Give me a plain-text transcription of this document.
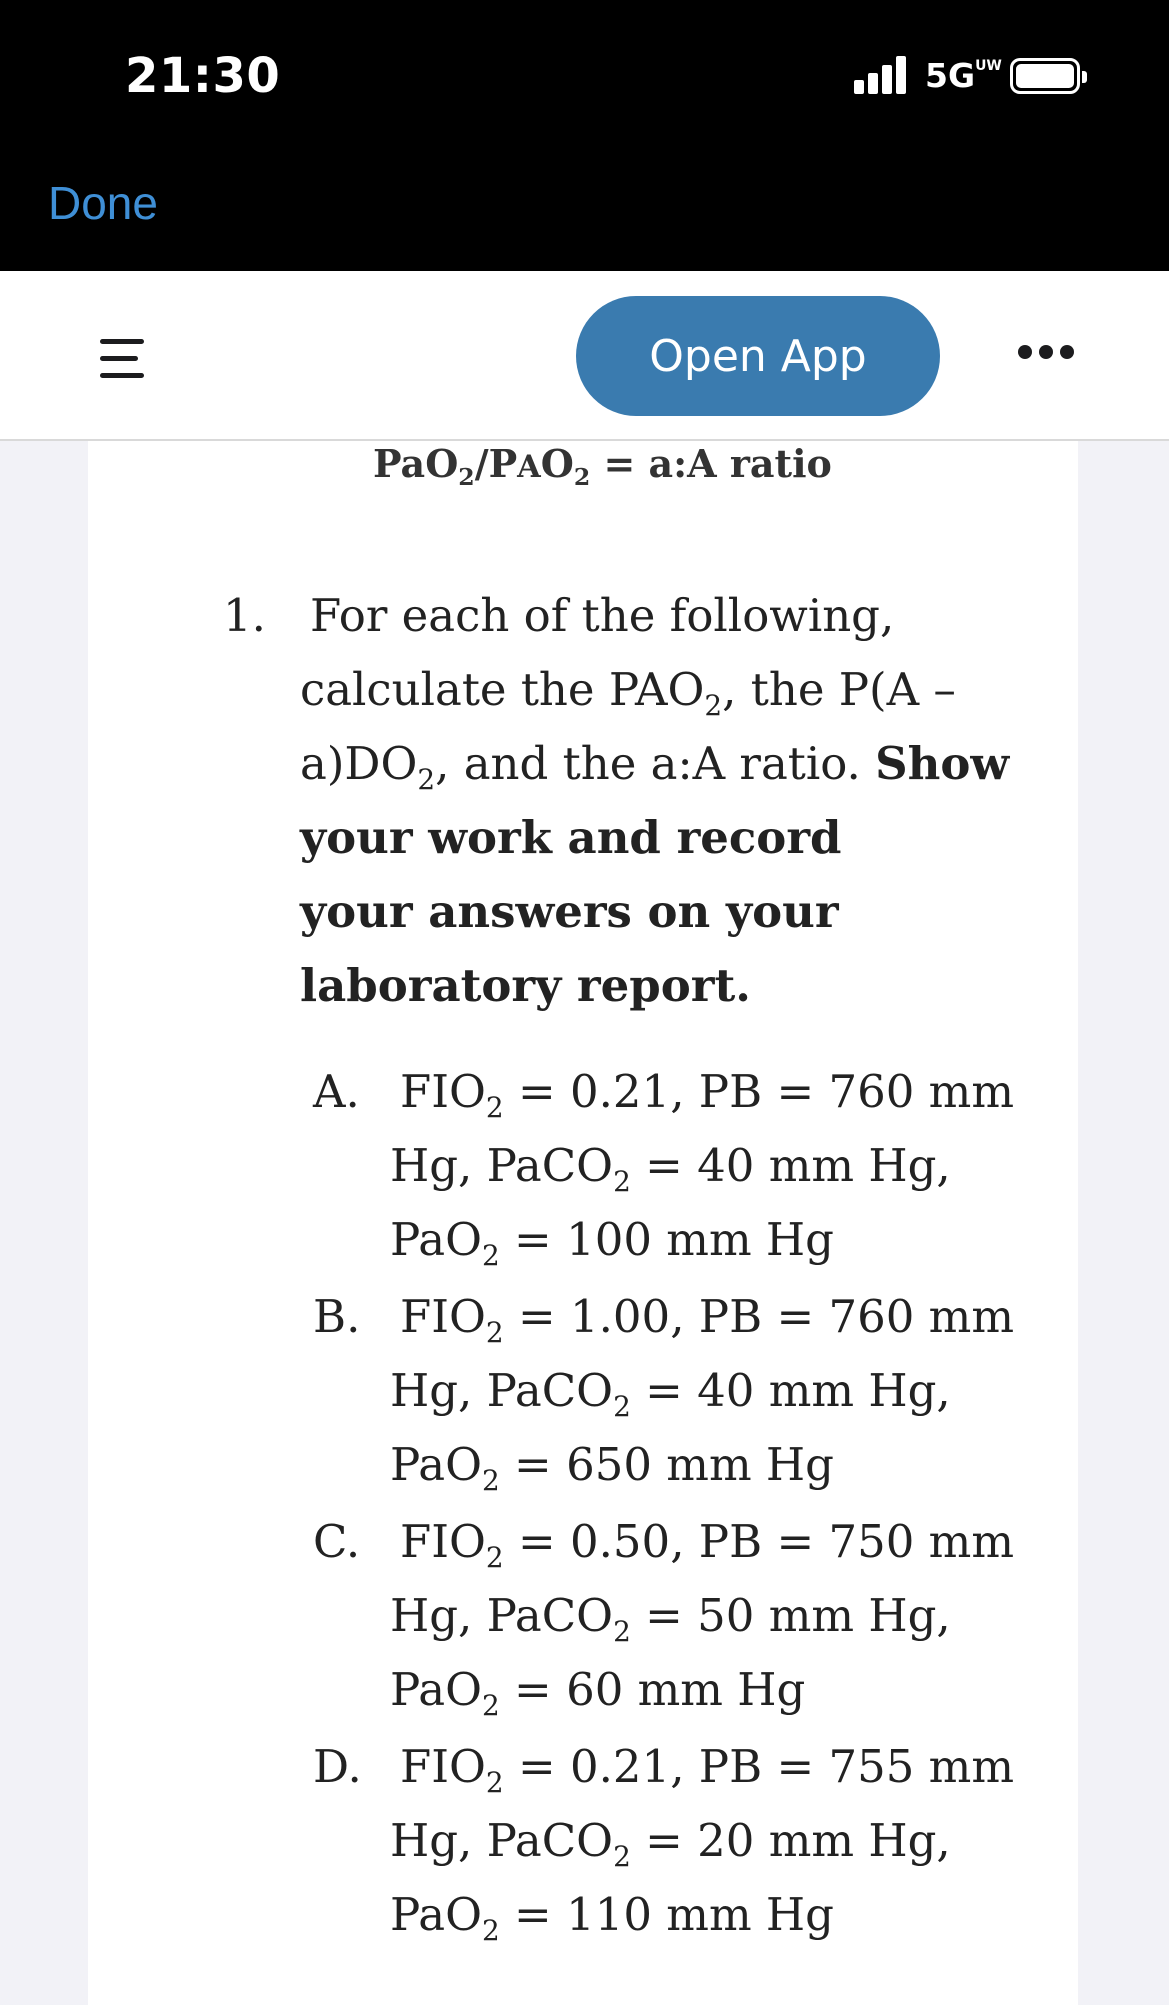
21:30	$5G^{UW}$
Done
Open App
$PaO_2/PAO_2$ = a:A ratio
1. For each of the following,
calculate the $PAO_2$, the P(A –
$a)DO_2$, and the a:A ratio. Show
your work and record
your answers on your
laboratory report.
A. $FIO_2 = 0.21$, PB = 760 mm
Hg, PaCO$_2$ = 40 mm Hg,
PaO$_2$ = 100 mm Hg
B. $FIO_2 = 1.00$, PB = 760 mm
Hg, PaCO$_2$ = 40 mm Hg,
PaO$_2$ = 650 mm Hg
C. $FIO_2 = 0.50$, PB = 750 mm
Hg, PaCO$_2$ = 50 mm Hg,
PaO$_2$ = 60 mm Hg
D. $FIO_2 = 0.21$, PB = 755 mm
Hg, PaCO$_2$ = 20 mm Hg,
PaO$_2$ = 110 mm Hg
